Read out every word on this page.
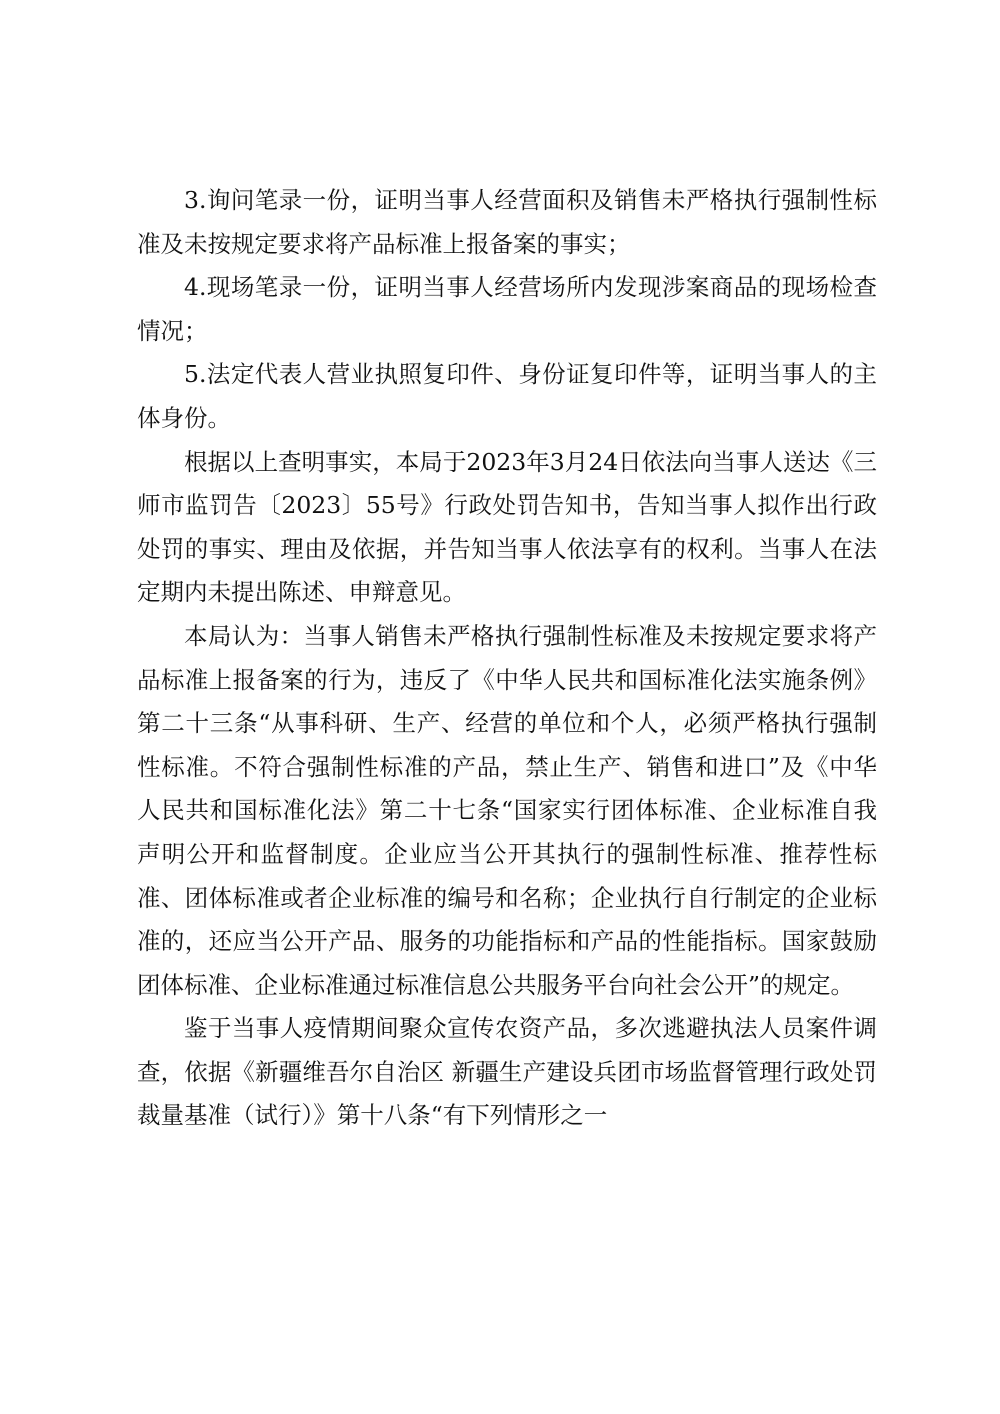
3.询问笔录一份，证明当事人经营面积及销售未严格执行强制性标准及未按规定要求将产品标准上报备案的事实；

4.现场笔录一份，证明当事人经营场所内发现涉案商品的现场检查情况；

5.法定代表人营业执照复印件、身份证复印件等，证明当事人的主体身份。

根据以上查明事实，本局于2023年3月24日依法向当事人送达《三师市监罚告〔2023〕55号》行政处罚告知书，告知当事人拟作出行政处罚的事实、理由及依据，并告知当事人依法享有的权利。当事人在法定期内未提出陈述、申辩意见。

本局认为：当事人销售未严格执行强制性标准及未按规定要求将产品标准上报备案的行为，违反了《中华人民共和国标准化法实施条例》第二十三条“从事科研、生产、经营的单位和个人，必须严格执行强制性标准。不符合强制性标准的产品，禁止生产、销售和进口”及《中华人民共和国标准化法》第二十七条“国家实行团体标准、企业标准自我声明公开和监督制度。企业应当公开其执行的强制性标准、推荐性标准、团体标准或者企业标准的编号和名称；企业执行自行制定的企业标准的，还应当公开产品、服务的功能指标和产品的性能指标。国家鼓励团体标准、企业标准通过标准信息公共服务平台向社会公开”的规定。

鉴于当事人疫情期间聚众宣传农资产品，多次逃避执法人员案件调查，依据《新疆维吾尔自治区 新疆生产建设兵团市场监督管理行政处罚裁量基准（试行）》第十八条“有下列情形之一
